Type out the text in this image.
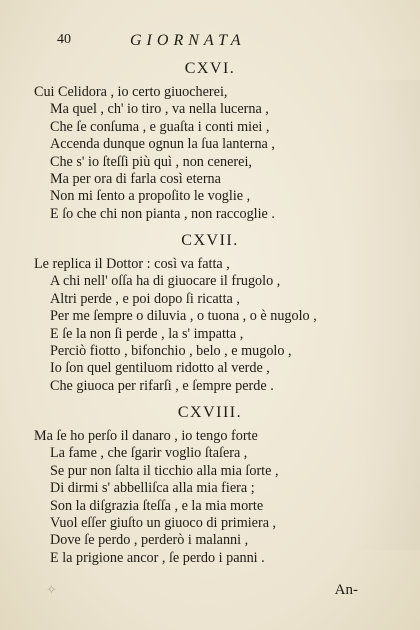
40	GIORNATA
CXVI.
Cui Celidora , io certo giuocherei,
Ma quel , ch' io tiro , va nella lucerna ,
Che ſe conſuma , e guaſta i conti miei ,
Accenda dunque ognun la ſua lanterna ,
Che s' io ſteſſi più quì , non cenerei,
Ma per ora di farla così eterna
Non mi ſento a propoſito le voglie ,
E ſo che chi non pianta , non raccoglie .
CXVII.
Le replica il Dottor : così va fatta ,
A chi nell' oſſa ha di giuocare il frugolo ,
Altri perde , e poi dopo ſi ricatta ,
Per me ſempre o diluvia , o tuona , o è nugolo ,
E ſe la non ſi perde , la s' impatta ,
Perciò fiotto , bifonchio , belo , e mugolo ,
Io ſon quel gentiluom ridotto al verde ,
Che giuoca per rifarſi , e ſempre perde .
CXVIII.
Ma ſe ho perſo il danaro , io tengo forte
La fame , che ſgarir voglio ſtaſera ,
Se pur non ſalta il ticchio alla mia ſorte ,
Di dirmi s' abbelliſca alla mia fiera ;
Son la diſgrazia ſteſſa , e la mia morte
Vuol eſſer giuſto un giuoco di primiera ,
Dove ſe perdo , perderò i malanni ,
E la prigione ancor , ſe perdo i panni .
✧	An-
